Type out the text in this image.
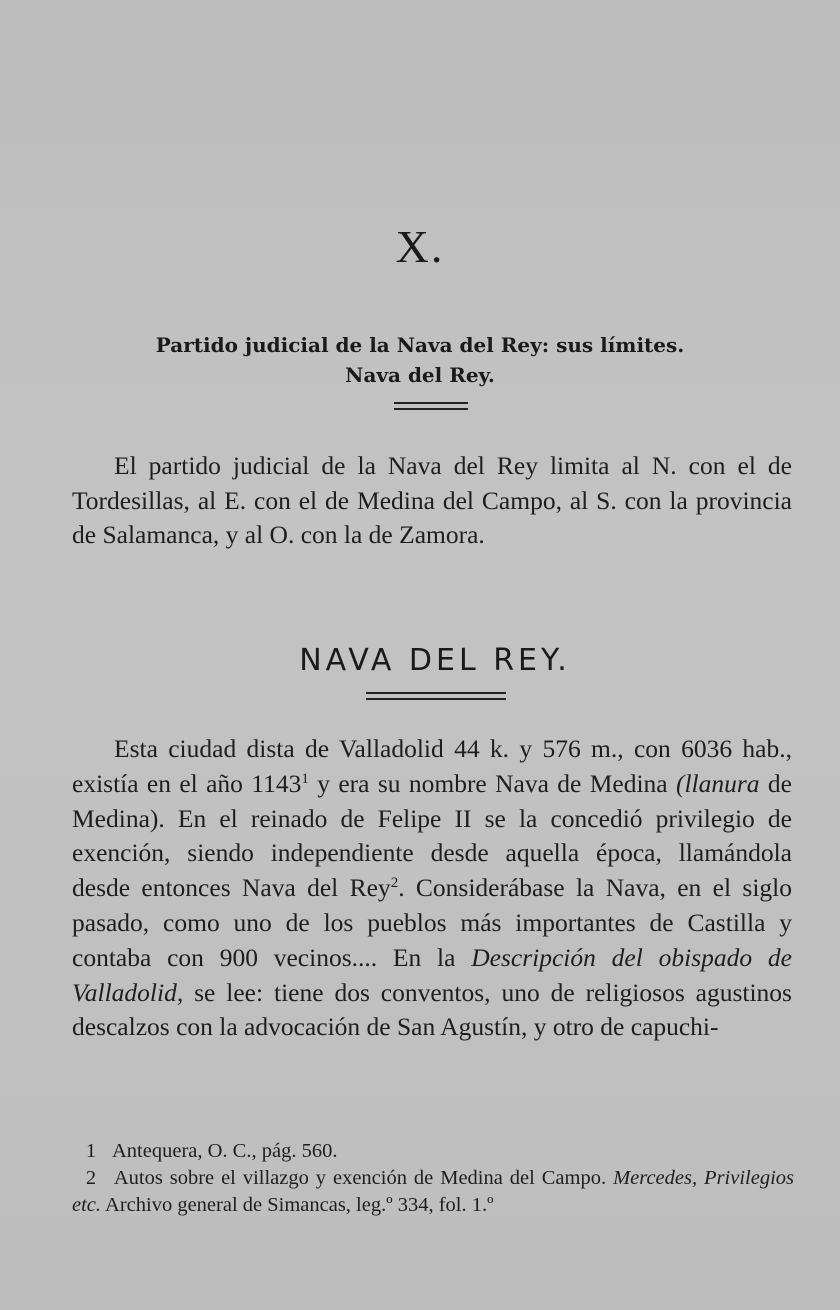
X.
Partido judicial de la Nava del Rey: sus límites.
Nava del Rey.

El partido judicial de la Nava del Rey limita al N. con el de Tordesillas, al E. con el de Medina del Campo, al S. con la provincia de Salamanca, y al O. con la de Zamora.

NAVA DEL REY.

Esta ciudad dista de Valladolid 44 k. y 576 m., con 6036 hab., existía en el año 1143$^1$ y era su nombre Nava de Medina (llanura de Medina). En el reinado de Felipe II se la concedió privilegio de exención, siendo independiente desde aquella época, llamándola desde entonces Nava del Rey$^2$. Considerábase la Nava, en el siglo pasado, como uno de los pueblos más importantes de Castilla y contaba con 900 vecinos.... En la Descripción del obispado de Valladolid, se lee: tiene dos conventos, uno de religiosos agustinos descalzos con la advocación de San Agustín, y otro de capuchi-

1 Antequera, O. C., pág. 560.

2 Autos sobre el villazgo y exención de Medina del Campo. Mercedes, Privilegios etc. Archivo general de Simancas, leg.º 334, fol. 1.º
